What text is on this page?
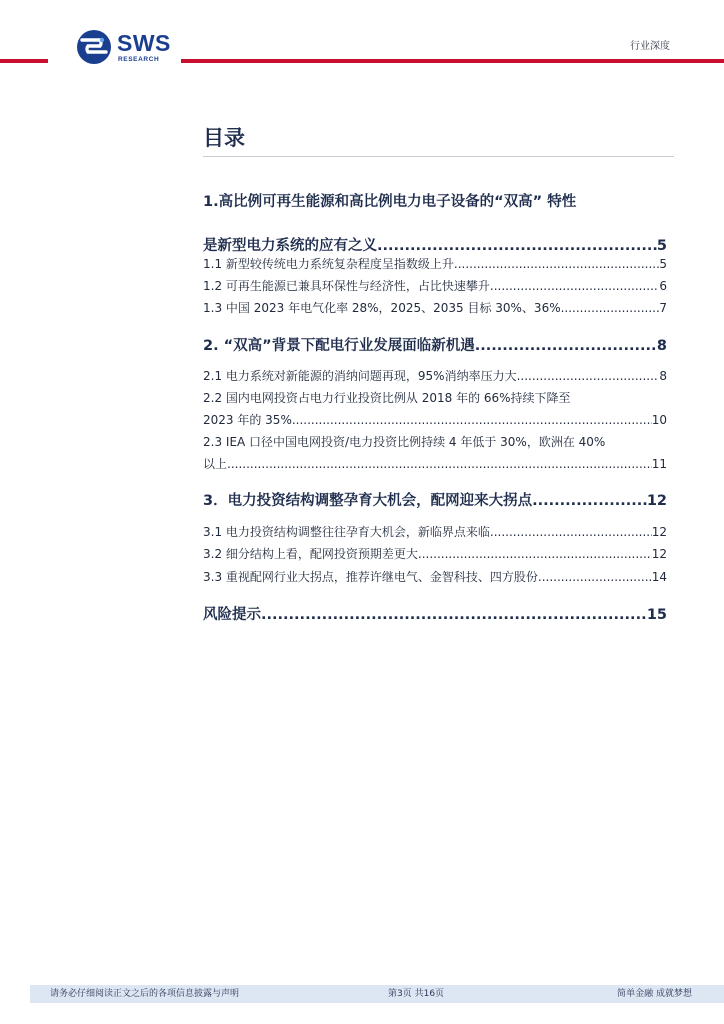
SWS
RESEARCH
行业深度
目录
1.高比例可再生能源和高比例电力电子设备的“双高” 特性
是新型电力系统的应有之义 .....	5
1.1 新型较传统电力系统复杂程度呈指数级上升 .....	5
1.2 可再生能源已兼具环保性与经济性，占比快速攀升 .....	6
1.3 中国 2023 年电气化率 28%，2025、2035 目标 30%、36% .....	7
2. “双高”背景下配电行业发展面临新机遇 .....	8
2.1 电力系统对新能源的消纳问题再现，95%消纳率压力大 .....	8
2.2 国内电网投资占电力行业投资比例从 2018 年的 66%持续下降至
2023 年的 35% .....	10
2.3 IEA 口径中国电网投资/电力投资比例持续 4 年低于 30%，欧洲在 40%
以上 .....	11
3．电力投资结构调整孕育大机会，配网迎来大拐点 .....	12
3.1 电力投资结构调整往往孕育大机会，新临界点来临 .....	12
3.2 细分结构上看，配网投资预期差更大 .....	12
3.3 重视配网行业大拐点，推荐许继电气、金智科技、四方股份 .....	14
风险提示 .....	15
请务必仔细阅读正文之后的各项信息披露与声明	第3页 共16页	简单金融 成就梦想
